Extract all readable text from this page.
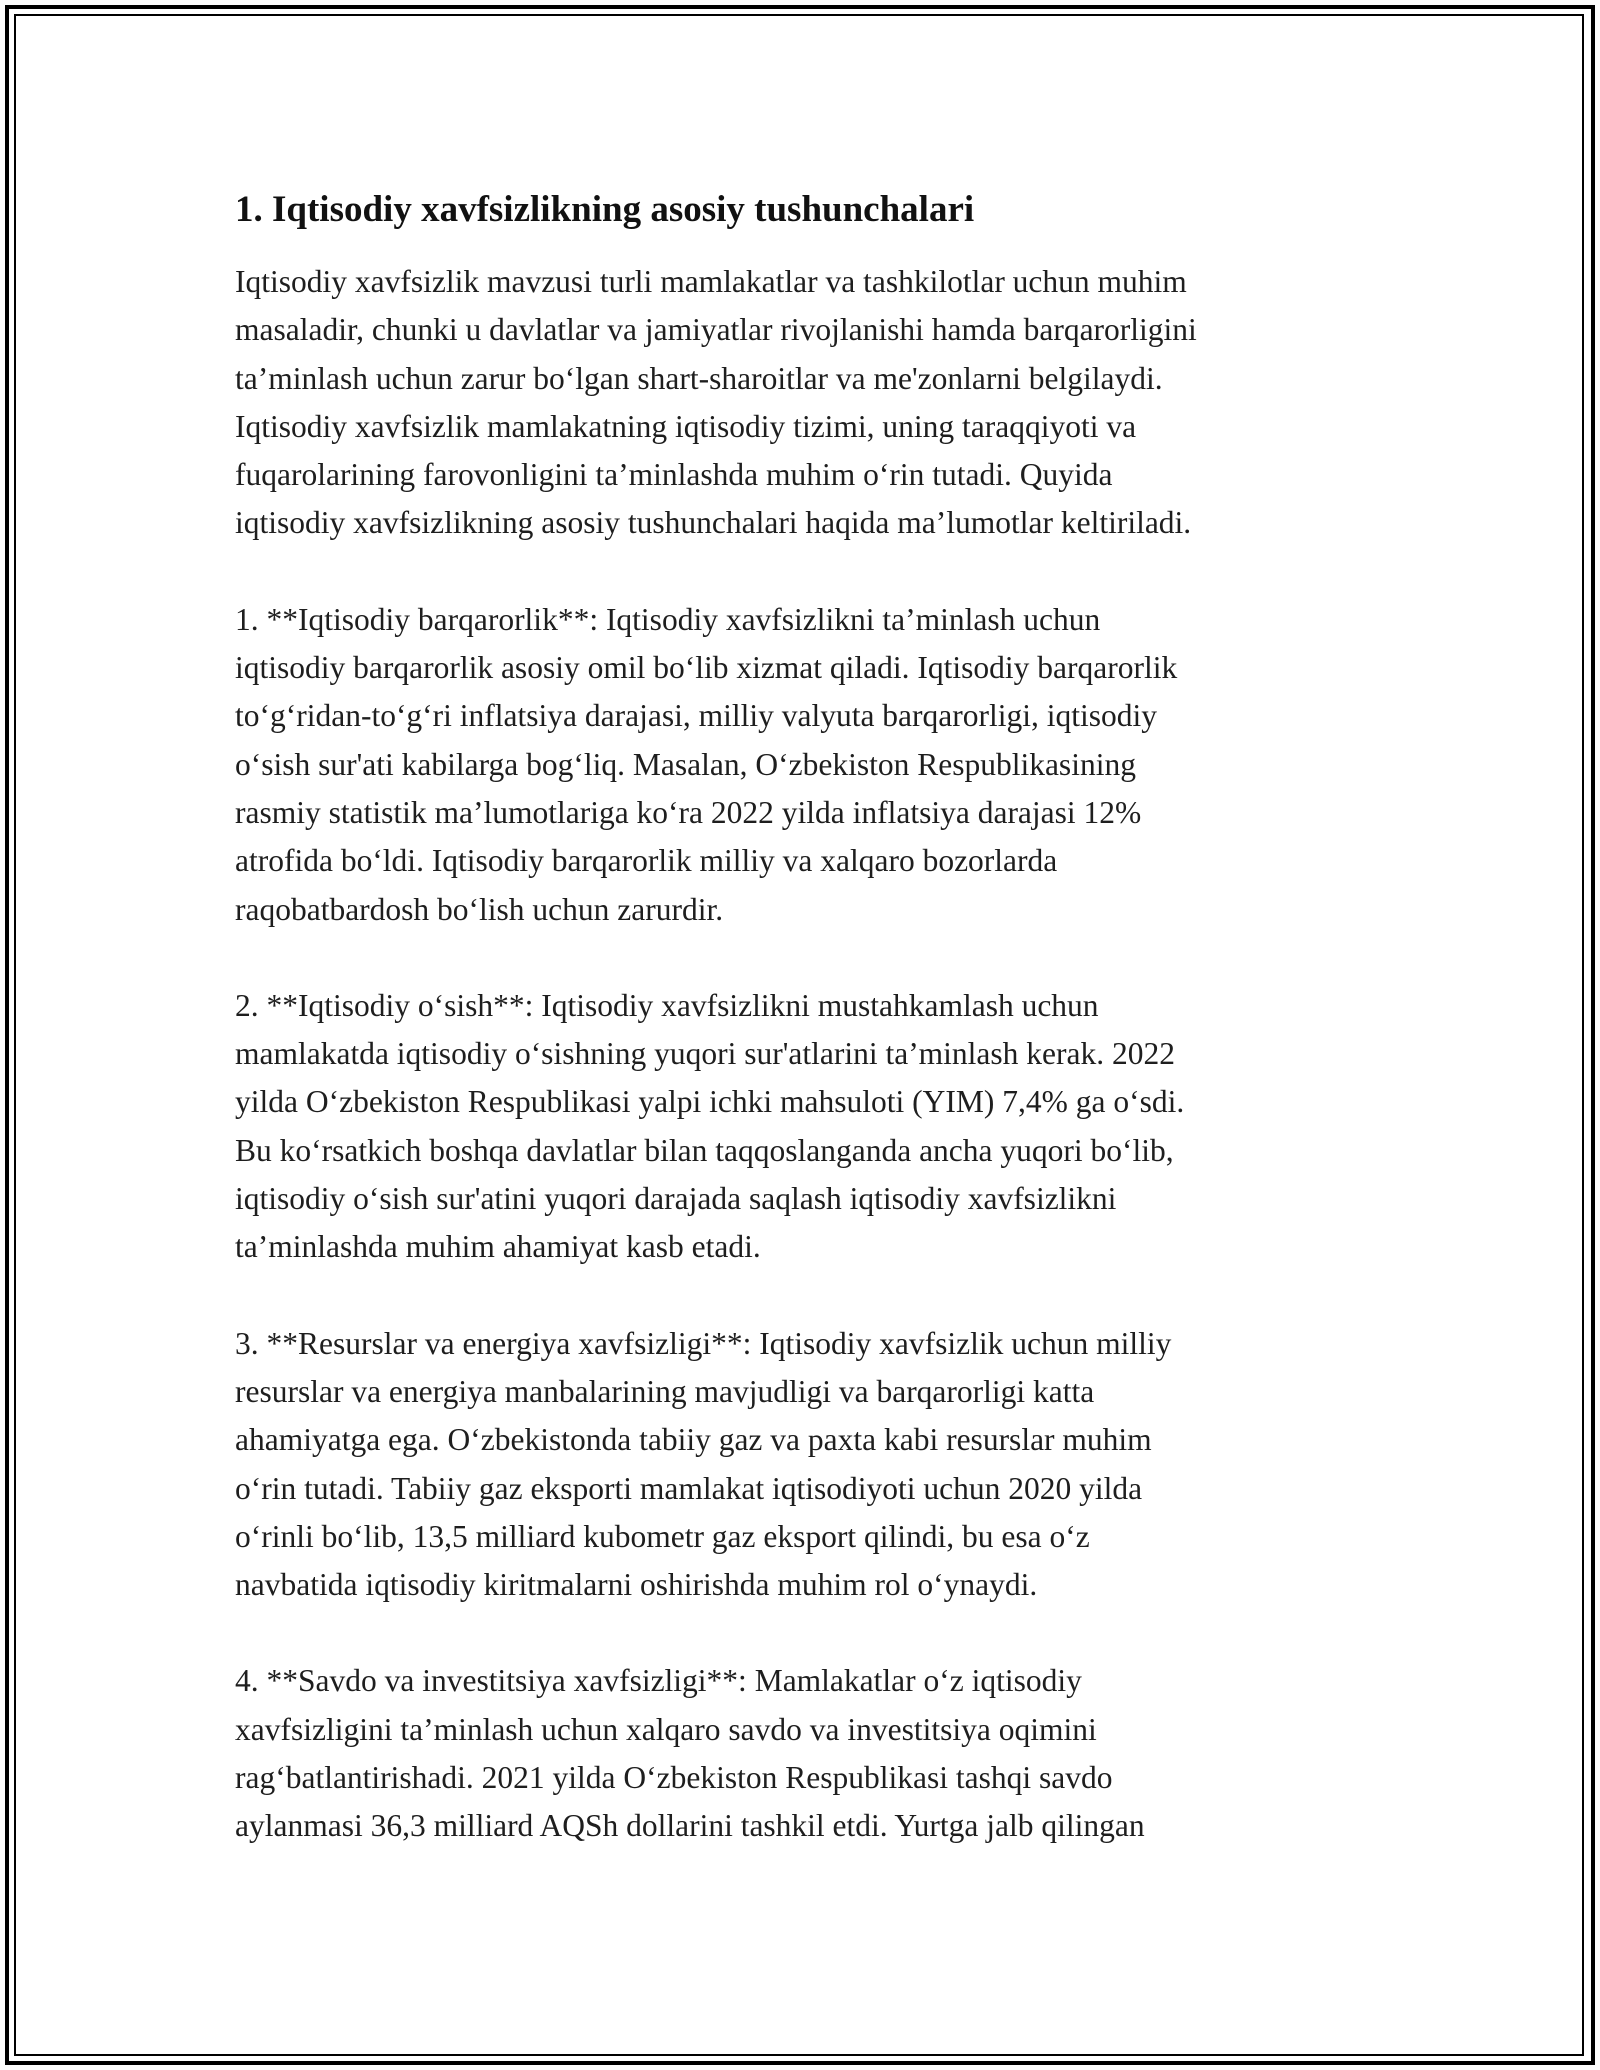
1. Iqtisodiy xavfsizlikning asosiy tushunchalari

Iqtisodiy xavfsizlik mavzusi turli mamlakatlar va tashkilotlar uchun muhim
masaladir, chunki u davlatlar va jamiyatlar rivojlanishi hamda barqarorligini
ta’minlash uchun zarur bo‘lgan shart-sharoitlar va me'zonlarni belgilaydi.
Iqtisodiy xavfsizlik mamlakatning iqtisodiy tizimi, uning taraqqiyoti va
fuqarolarining farovonligini ta’minlashda muhim o‘rin tutadi. Quyida
iqtisodiy xavfsizlikning asosiy tushunchalari haqida ma’lumotlar keltiriladi.

1. **Iqtisodiy barqarorlik**: Iqtisodiy xavfsizlikni ta’minlash uchun
iqtisodiy barqarorlik asosiy omil bo‘lib xizmat qiladi. Iqtisodiy barqarorlik
to‘g‘ridan-to‘g‘ri inflatsiya darajasi, milliy valyuta barqarorligi, iqtisodiy
o‘sish sur'ati kabilarga bog‘liq. Masalan, O‘zbekiston Respublikasining
rasmiy statistik ma’lumotlariga ko‘ra 2022 yilda inflatsiya darajasi 12%
atrofida bo‘ldi. Iqtisodiy barqarorlik milliy va xalqaro bozorlarda
raqobatbardosh bo‘lish uchun zarurdir.

2. **Iqtisodiy o‘sish**: Iqtisodiy xavfsizlikni mustahkamlash uchun
mamlakatda iqtisodiy o‘sishning yuqori sur'atlarini ta’minlash kerak. 2022
yilda O‘zbekiston Respublikasi yalpi ichki mahsuloti (YIM) 7,4% ga o‘sdi.
Bu ko‘rsatkich boshqa davlatlar bilan taqqoslanganda ancha yuqori bo‘lib,
iqtisodiy o‘sish sur'atini yuqori darajada saqlash iqtisodiy xavfsizlikni
ta’minlashda muhim ahamiyat kasb etadi.

3. **Resurslar va energiya xavfsizligi**: Iqtisodiy xavfsizlik uchun milliy
resurslar va energiya manbalarining mavjudligi va barqarorligi katta
ahamiyatga ega. O‘zbekistonda tabiiy gaz va paxta kabi resurslar muhim
o‘rin tutadi. Tabiiy gaz eksporti mamlakat iqtisodiyoti uchun 2020 yilda
o‘rinli bo‘lib, 13,5 milliard kubometr gaz eksport qilindi, bu esa o‘z
navbatida iqtisodiy kiritmalarni oshirishda muhim rol o‘ynaydi.

4. **Savdo va investitsiya xavfsizligi**: Mamlakatlar o‘z iqtisodiy
xavfsizligini ta’minlash uchun xalqaro savdo va investitsiya oqimini
rag‘batlantirishadi. 2021 yilda O‘zbekiston Respublikasi tashqi savdo
aylanmasi 36,3 milliard AQSh dollarini tashkil etdi. Yurtga jalb qilingan
